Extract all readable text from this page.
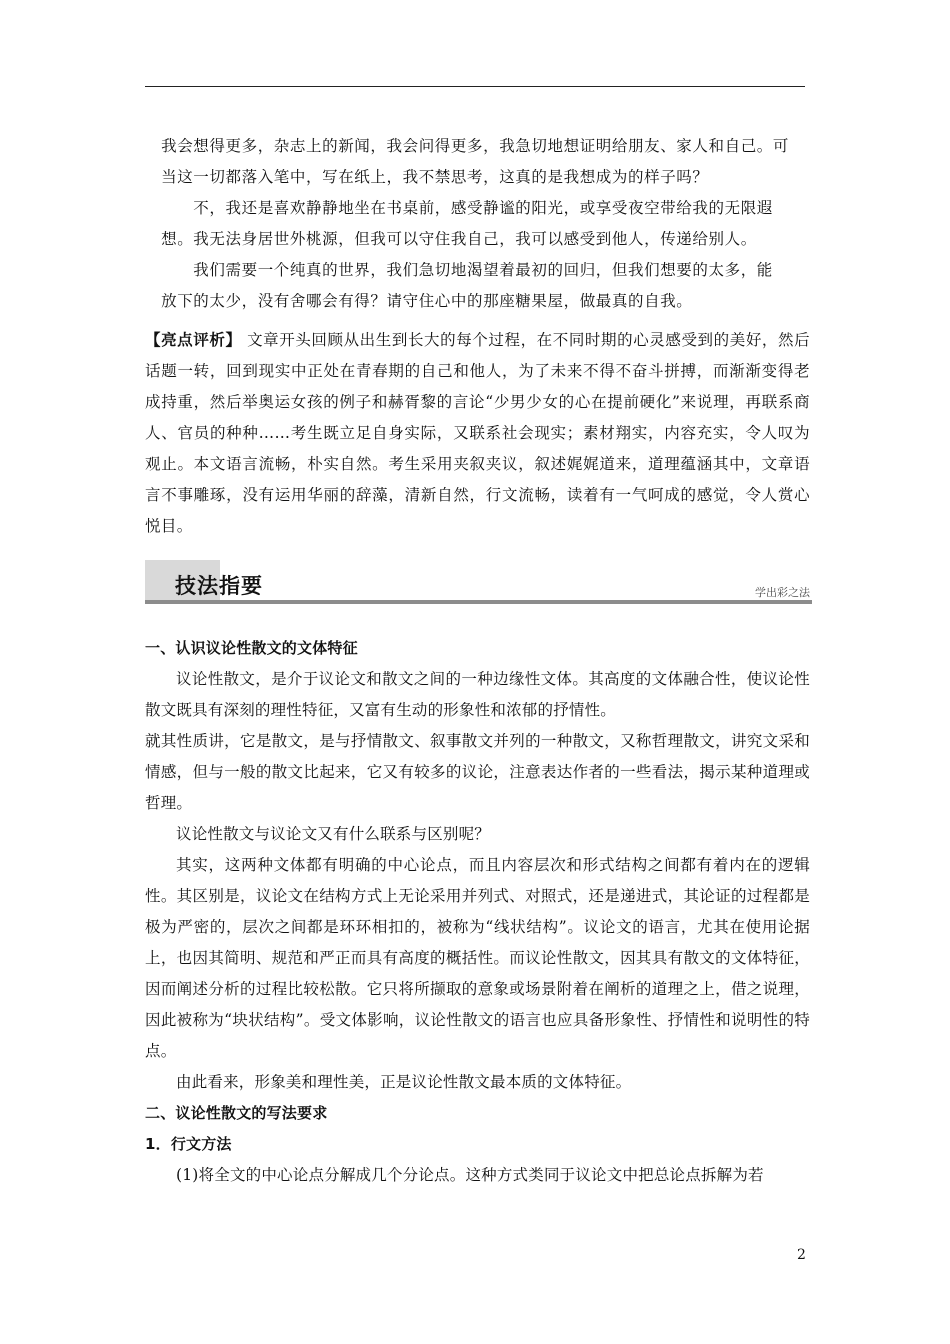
　我会想得更多，杂志上的新闻，我会问得更多，我急切地想证明给朋友、家人和自己。可

　当这一切都落入笔中，写在纸上，我不禁思考，这真的是我想成为的样子吗？

　　　不，我还是喜欢静静地坐在书桌前，感受静谧的阳光，或享受夜空带给我的无限遐

　想。我无法身居世外桃源，但我可以守住我自己，我可以感受到他人，传递给别人。

　　　我们需要一个纯真的世界，我们急切地渴望着最初的回归，但我们想要的太多，能

　放下的太少，没有舍哪会有得？请守住心中的那座糖果屋，做最真的自我。

【亮点评析】 文章开头回顾从出生到长大的每个过程，在不同时期的心灵感受到的美好，然后话题一转，回到现实中正处在青春期的自己和他人，为了未来不得不奋斗拼搏，而渐渐变得老成持重，然后举奥运女孩的例子和赫胥黎的言论“少男少女的心在提前硬化”来说理，再联系商人、官员的种种……考生既立足自身实际，又联系社会现实；素材翔实，内容充实，令人叹为观止。本文语言流畅，朴实自然。考生采用夹叙夹议，叙述娓娓道来，道理蕴涵其中，文章语言不事雕琢，没有运用华丽的辞藻，清新自然，行文流畅，读着有一气呵成的感觉，令人赏心悦目。

技法指要	学出彩之法

一、认识议论性散文的文体特征

议论性散文，是介于议论文和散文之间的一种边缘性文体。其高度的文体融合性，使议论性散文既具有深刻的理性特征，又富有生动的形象性和浓郁的抒情性。

就其性质讲，它是散文，是与抒情散文、叙事散文并列的一种散文，又称哲理散文，讲究文采和情感，但与一般的散文比起来，它又有较多的议论，注意表达作者的一些看法，揭示某种道理或哲理。

议论性散文与议论文又有什么联系与区别呢？

其实，这两种文体都有明确的中心论点，而且内容层次和形式结构之间都有着内在的逻辑性。其区别是，议论文在结构方式上无论采用并列式、对照式，还是递进式，其论证的过程都是极为严密的，层次之间都是环环相扣的，被称为“线状结构”。议论文的语言，尤其在使用论据上，也因其简明、规范和严正而具有高度的概括性。而议论性散文，因其具有散文的文体特征，因而阐述分析的过程比较松散。它只将所撷取的意象或场景附着在阐析的道理之上，借之说理，因此被称为“块状结构”。受文体影响，议论性散文的语言也应具备形象性、抒情性和说明性的特点。

由此看来，形象美和理性美，正是议论性散文最本质的文体特征。

二、议论性散文的写法要求

1．行文方法

(1)将全文的中心论点分解成几个分论点。这种方式类同于议论文中把总论点拆解为若

2
